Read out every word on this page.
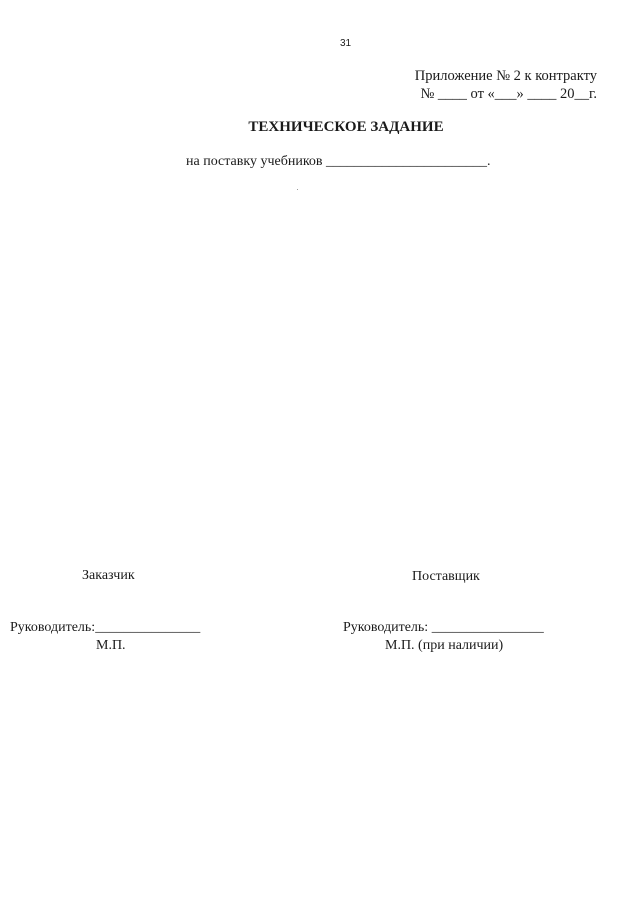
31
Приложение № 2 к контракту
№ ____ от «___» ____ 20__г.
ТЕХНИЧЕСКОЕ ЗАДАНИЕ
на поставку учебников _______________________.
Заказчик
Руководитель:_______________
М.П.
Поставщик
Руководитель: ________________
М.П. (при наличии)
